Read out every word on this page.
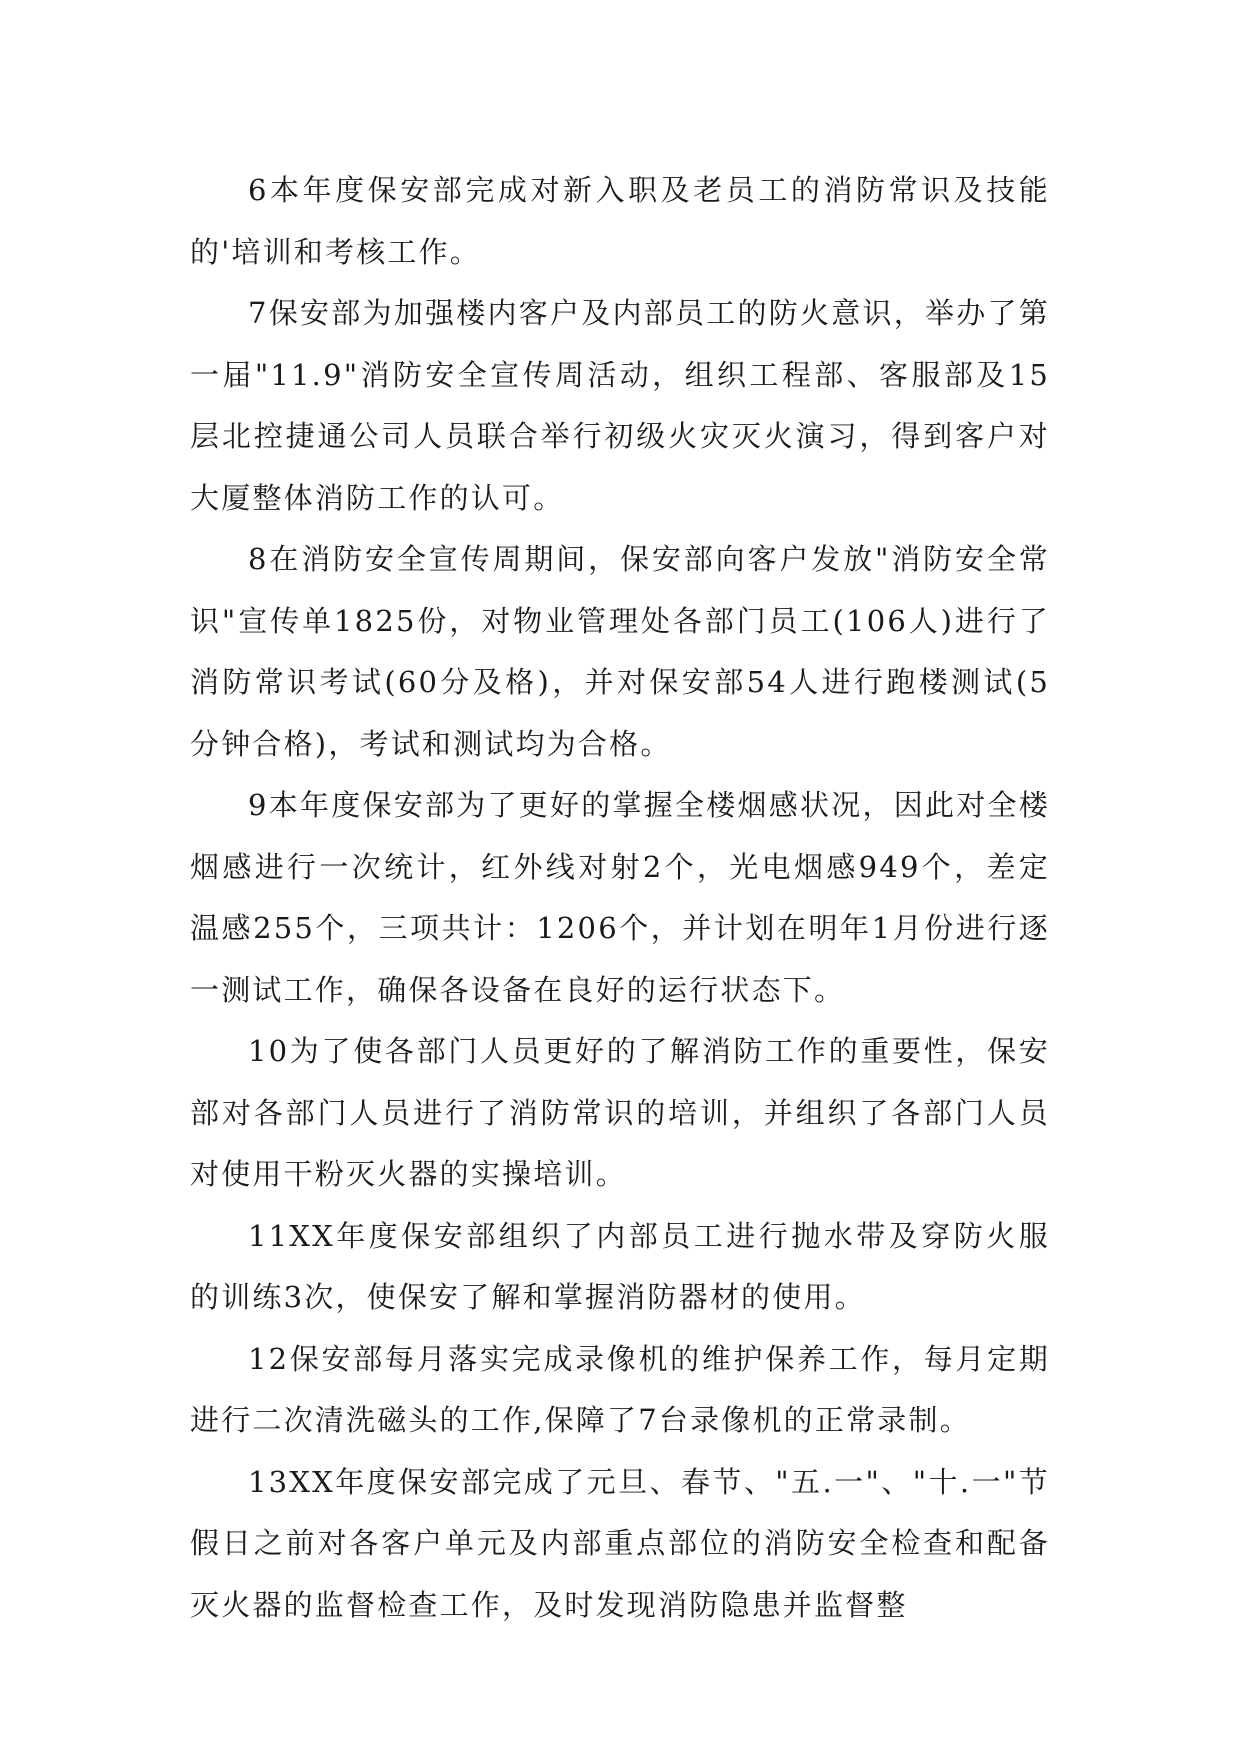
6本年度保安部完成对新入职及老员工的消防常识及技能的'培训和考核工作。

7保安部为加强楼内客户及内部员工的防火意识，举办了第一届"11.9"消防安全宣传周活动，组织工程部、客服部及15层北控捷通公司人员联合举行初级火灾灭火演习，得到客户对大厦整体消防工作的认可。

8在消防安全宣传周期间，保安部向客户发放"消防安全常识"宣传单1825份，对物业管理处各部门员工(106人)进行了消防常识考试(60分及格)，并对保安部54人进行跑楼测试(5分钟合格)，考试和测试均为合格。

9本年度保安部为了更好的掌握全楼烟感状况，因此对全楼烟感进行一次统计，红外线对射2个，光电烟感949个，差定温感255个，三项共计：1206个，并计划在明年1月份进行逐一测试工作，确保各设备在良好的运行状态下。

10为了使各部门人员更好的了解消防工作的重要性，保安部对各部门人员进行了消防常识的培训，并组织了各部门人员对使用干粉灭火器的实操培训。

11XX年度保安部组织了内部员工进行抛水带及穿防火服的训练3次，使保安了解和掌握消防器材的使用。

12保安部每月落实完成录像机的维护保养工作，每月定期进行二次清洗磁头的工作,保障了7台录像机的正常录制。

13XX年度保安部完成了元旦、春节、"五.一"、"十.一"节假日之前对各客户单元及内部重点部位的消防安全检查和配备灭火器的监督检查工作，及时发现消防隐患并监督整
